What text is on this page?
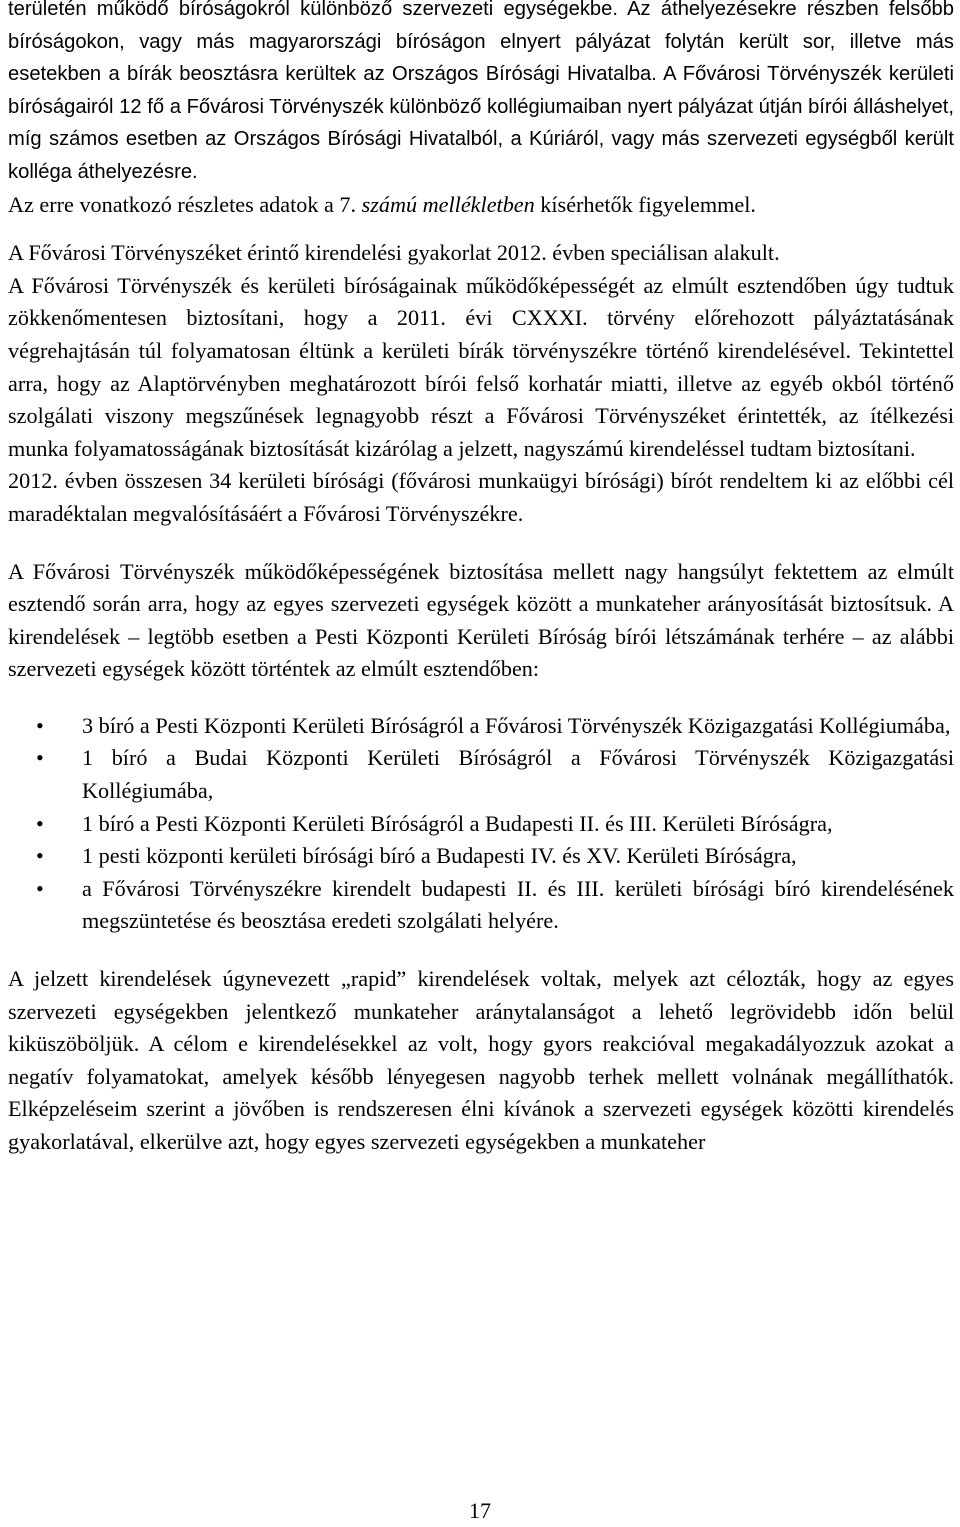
területén működő bíróságokról különböző szervezeti egységekbe. Az áthelyezésekre részben felsőbb bíróságokon, vagy más magyarországi bíróságon elnyert pályázat folytán került sor, illetve más esetekben a bírák beosztásra kerültek az Országos Bírósági Hivatalba. A Fővárosi Törvényszék kerületi bíróságairól 12 fő a Fővárosi Törvényszék különböző kollégiumaiban nyert pályázat útján bírói álláshelyet, míg számos esetben az Országos Bírósági Hivatalból, a Kúriáról, vagy más szervezeti egységből került kolléga áthelyezésre.

Az erre vonatkozó részletes adatok a 7. számú mellékletben kísérhetők figyelemmel.

A Fővárosi Törvényszéket érintő kirendelési gyakorlat 2012. évben speciálisan alakult.

A Fővárosi Törvényszék és kerületi bíróságainak működőképességét az elmúlt esztendőben úgy tudtuk zökkenőmentesen biztosítani, hogy a 2011. évi CXXXI. törvény előrehozott pályáztatásának végrehajtásán túl folyamatosan éltünk a kerületi bírák törvényszékre történő kirendelésével. Tekintettel arra, hogy az Alaptörvényben meghatározott bírói felső korhatár miatti, illetve az egyéb okból történő szolgálati viszony megszűnések legnagyobb részt a Fővárosi Törvényszéket érintették, az ítélkezési munka folyamatosságának biztosítását kizárólag a jelzett, nagyszámú kirendeléssel tudtam biztosítani.

2012. évben összesen 34 kerületi bírósági (fővárosi munkaügyi bírósági) bírót rendeltem ki az előbbi cél maradéktalan megvalósításáért a Fővárosi Törvényszékre.

A Fővárosi Törvényszék működőképességének biztosítása mellett nagy hangsúlyt fektettem az elmúlt esztendő során arra, hogy az egyes szervezeti egységek között a munkateher arányosítását biztosítsuk. A kirendelések – legtöbb esetben a Pesti Központi Kerületi Bíróság bírói létszámának terhére – az alábbi szervezeti egységek között történtek az elmúlt esztendőben:

• 3 bíró a Pesti Központi Kerületi Bíróságról a Fővárosi Törvényszék Közigazgatási Kollégiumába,
• 1 bíró a Budai Központi Kerületi Bíróságról a Fővárosi Törvényszék Közigazgatási Kollégiumába,
• 1 bíró a Pesti Központi Kerületi Bíróságról a Budapesti II. és III. Kerületi Bíróságra,
• 1 pesti központi kerületi bírósági bíró a Budapesti IV. és XV. Kerületi Bíróságra,
• a Fővárosi Törvényszékre kirendelt budapesti II. és III. kerületi bírósági bíró kirendelésének megszüntetése és beosztása eredeti szolgálati helyére.

A jelzett kirendelések úgynevezett „rapid” kirendelések voltak, melyek azt célozták, hogy az egyes szervezeti egységekben jelentkező munkateher aránytalanságot a lehető legrövidebb időn belül kiküszöböljük. A célom e kirendelésekkel az volt, hogy gyors reakcióval megakadályozzuk azokat a negatív folyamatokat, amelyek később lényegesen nagyobb terhek mellett volnának megállíthatók. Elképzeléseim szerint a jövőben is rendszeresen élni kívánok a szervezeti egységek közötti kirendelés gyakorlatával, elkerülve azt, hogy egyes szervezeti egységekben a munkateher

17
